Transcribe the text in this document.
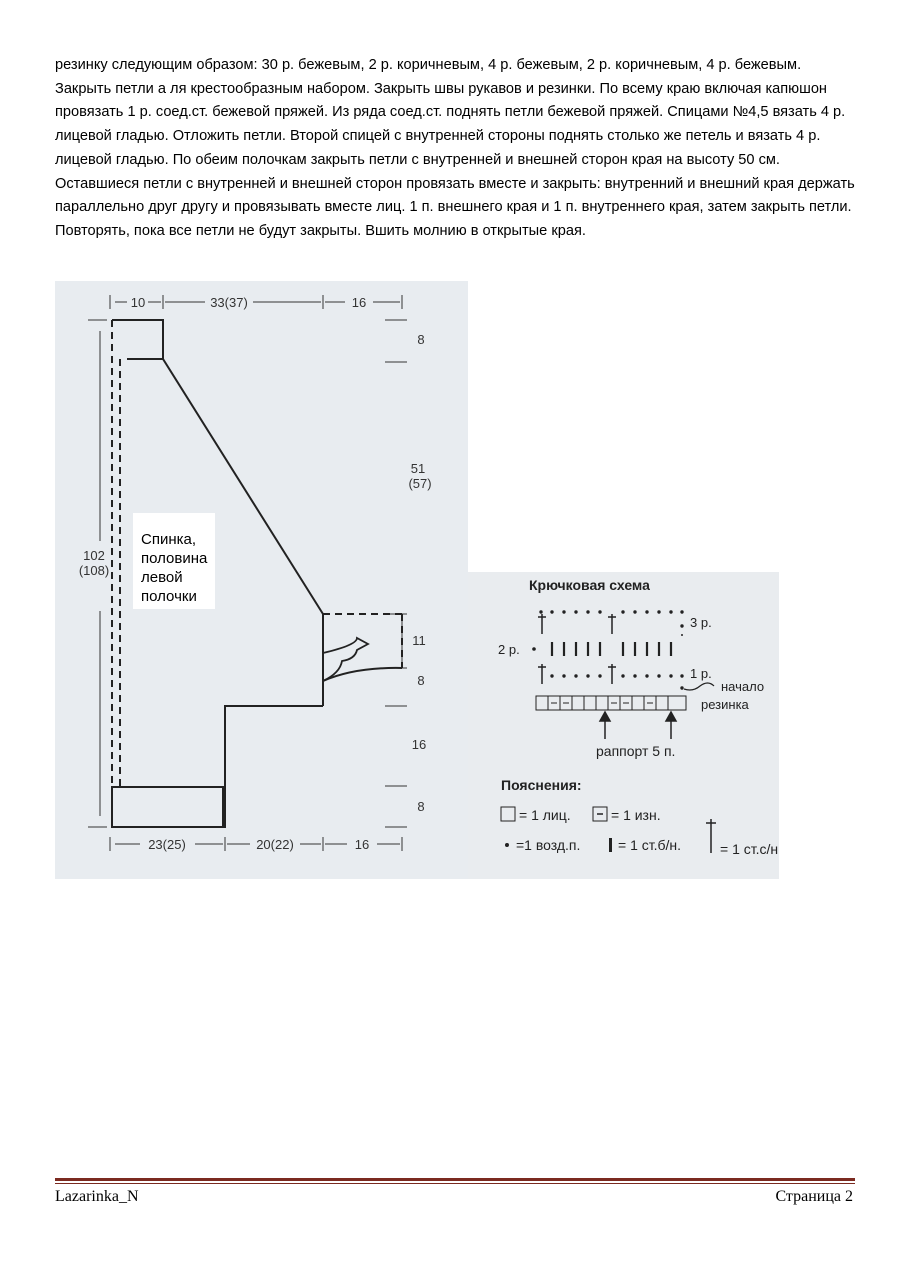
резинку следующим образом: 30 р. бежевым, 2 р. коричневым, 4 р. бежевым, 2 р. коричневым, 4 р. бежевым. Закрыть петли а ля крестообразным набором. Закрыть швы рукавов и резинки. По всему краю включая капюшон провязать 1 р. соед.ст. бежевой пряжей. Из ряда соед.ст. поднять петли бежевой пряжей. Спицами №4,5 вязать 4 р. лицевой гладью. Отложить петли. Второй спицей с внутренней стороны поднять столько же петель и вязать 4 р. лицевой гладью. По обеим полочкам закрыть петли с внутренней и внешней сторон края на высоту 50 см. Оставшиеся петли с внутренней и внешней сторон провязать вместе и закрыть: внутренний и внешний края держать параллельно друг другу и провязывать вместе лиц. 1 п. внешнего края и 1 п. внутреннего края, затем закрыть петли. Повторять, пока все петли не будут закрыты. Вшить молнию в открытые края.

10	33(37)	16
8
51
(57)
11
8
16
8
102
(108)
23(25)	20(22)	16
Спинка,
половина
левой
полочки
Крючковая схема
3 р.
2 р.
1 р.
начало
резинка
раппорт 5 п.
Пояснения:
= 1 лиц.	= 1 изн.
=1 возд.п.	= 1 ст.б/н.	= 1 ст.с/н
Lazarinka_N	Страница 2
